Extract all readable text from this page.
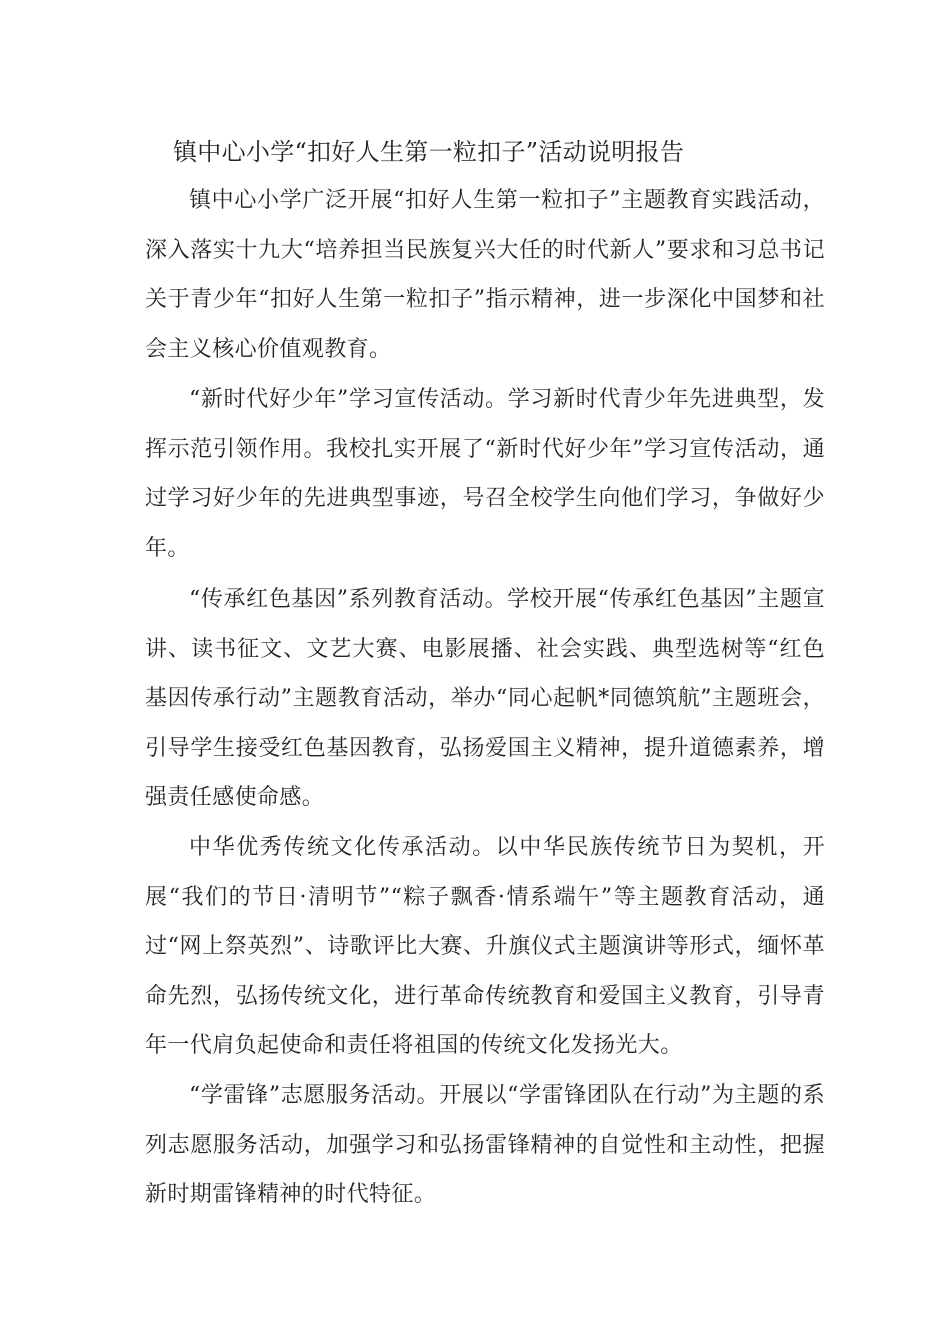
镇中心小学“扣好人生第一粒扣子”活动说明报告

镇中心小学广泛开展“扣好人生第一粒扣子”主题教育实践活动，深入落实十九大“培养担当民族复兴大任的时代新人”要求和习总书记关于青少年“扣好人生第一粒扣子”指示精神，进一步深化中国梦和社会主义核心价值观教育。

“新时代好少年”学习宣传活动。学习新时代青少年先进典型，发挥示范引领作用。我校扎实开展了“新时代好少年”学习宣传活动，通过学习好少年的先进典型事迹，号召全校学生向他们学习，争做好少年。

“传承红色基因”系列教育活动。学校开展“传承红色基因”主题宣讲、读书征文、文艺大赛、电影展播、社会实践、典型选树等“红色基因传承行动”主题教育活动，举办“同心起帆*同德筑航”主题班会，引导学生接受红色基因教育，弘扬爱国主义精神，提升道德素养，增强责任感使命感。

中华优秀传统文化传承活动。以中华民族传统节日为契机，开展“我们的节日·清明节”“粽子飘香·情系端午”等主题教育活动，通过“网上祭英烈”、诗歌评比大赛、升旗仪式主题演讲等形式，缅怀革命先烈，弘扬传统文化，进行革命传统教育和爱国主义教育，引导青年一代肩负起使命和责任将祖国的传统文化发扬光大。

“学雷锋”志愿服务活动。开展以“学雷锋团队在行动”为主题的系列志愿服务活动，加强学习和弘扬雷锋精神的自觉性和主动性，把握新时期雷锋精神的时代特征。
